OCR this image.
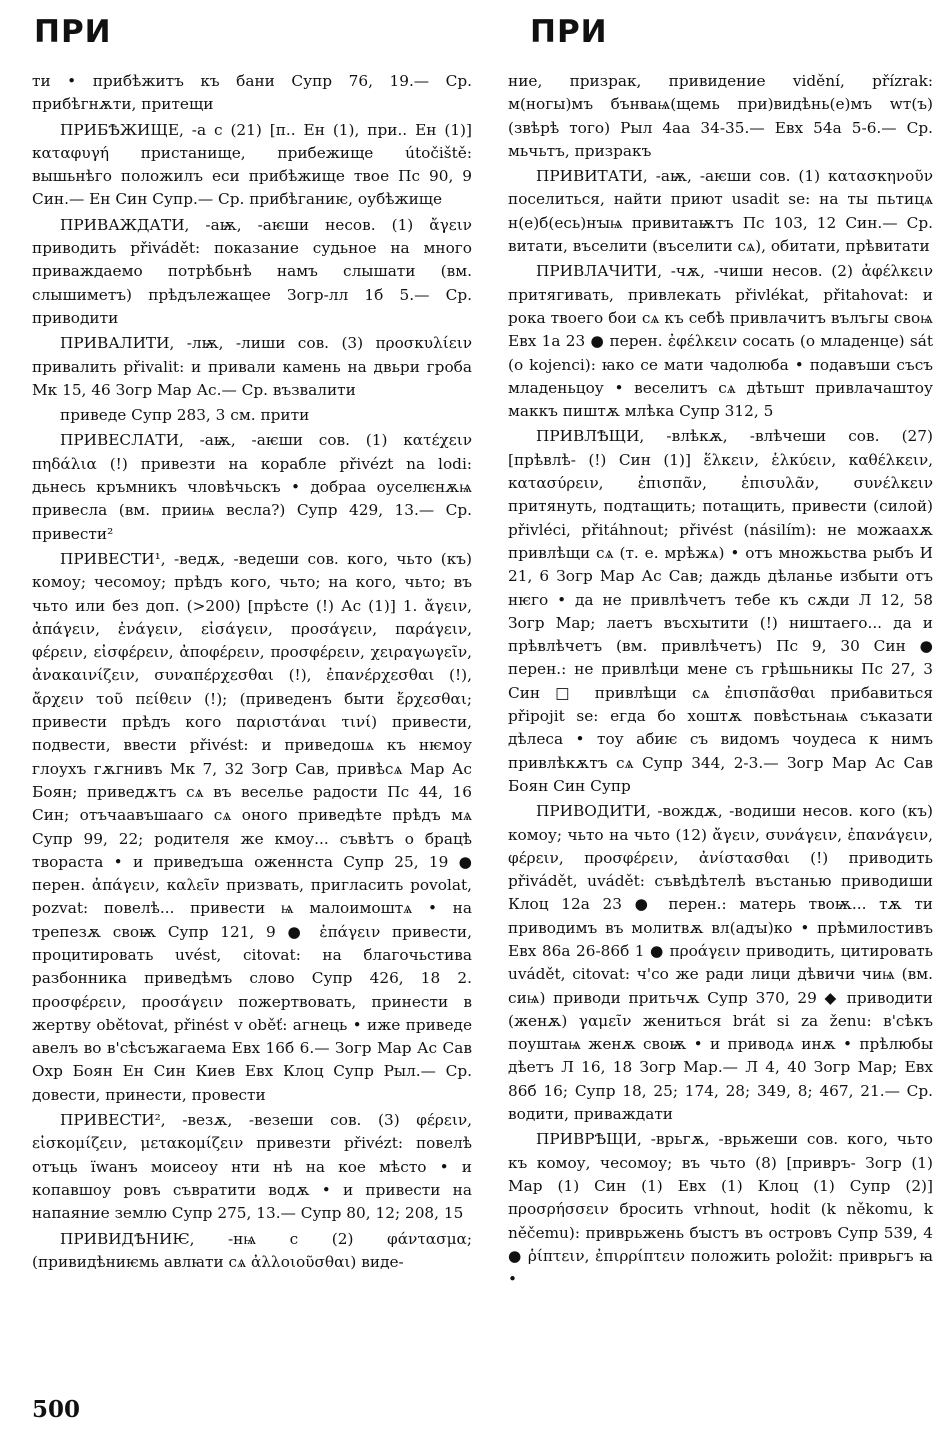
ПРИ	ПРИ

ти • прибѣжитъ къ бани Супр 76, 19.— Ср. прибѣгнѫти, притещи

ПРИБѢЖИЩЕ, -а с (21) [п.. Ен (1), при.. Ен (1)] καταφυγή пристанище, прибежище útočiště: вышьнѣго положилъ еси прибѣжище твое Пс 90, 9 Син.— Ен Син Супр.— Ср. прибѣганиѥ, оубѣжище

ПРИВАЖДАТИ, -аѭ, -аѥши несов. (1) ἄγειν приводить přivádět: показание судьное на многo приваждаемо потрѣбьнѣ намъ слышати (вм. слышиметъ) прѣдълежащее Зогр-лл 1б 5.— Ср. приводити

ПРИВАЛИТИ, -лѭ, -лиши сов. (3) προσκυλίειν привалить přivalit: и привали камень на двьри гроба Мк 15, 46 Зогр Мар Ас.— Ср. възвалити

приведе Супр 283, 3 см. прити

ПРИВЕСЛАТИ, -аѭ, -аѥши сов. (1) κατέχειν πηδάλια (!) привезти на корабле přivézt na lodi: дьнесь кръмникъ чловѣчьскъ • добраа оуселѥнѫѩ привесла (вм. прииѩ весла?) Супр 429, 13.— Ср. привести²

ПРИВЕСТИ¹, -ведѫ, -ведеши сов. кого, чьто (къ) комоу; чесомоу; прѣдъ кого, чьто; на кого, чьто; въ чьто или без доп. (>200) [прѣсте (!) Ас (1)] 1. ἄγειν, ἀπάγειν, ἐνάγειν, εἰσάγειν, προσάγειν, παράγειν, φέρειν, εἰσφέρειν, ἀποφέρειν, προσφέρειν, χειραγωγεῖν, ἀνακαινίζειν, συναπέρχεσθαι (!), ἐπανέρχεσθαι (!), ἄρχειν τοῦ πείθειν (!); (приведенъ быти ἔρχεσθαι; привести прѣдъ кого παριστάναι τινί) привести, подвести, ввести přivést: и приведошѧ къ нѥмоу глоухъ гѫгнивъ Мк 7, 32 Зогр Сав, привѣсѧ Мар Ас Боян; приведѫтъ сѧ въ веселье радости Пс 44, 16 Син; отъчаавъшааго сѧ оного приведѣте прѣдъ мѧ Супр 99, 22; родителя же кмоу... съвѣтъ о брацѣ твораста • и приведъша оженнста Супр 25, 19 ● перен. ἀπάγειν, καλεῖν призвать, пригласить povolat, pozvat: повелѣ... привести ѩ малоимоштѧ • на трепезѫ своѭ Супр 121, 9 ● ἐπάγειν привести, процитировать uvést, citovat: на благочьстива разбонника приведѣмъ слово Супр 426, 18 2. προσφέρειν, προσάγειν пожертвовать, принести в жертву obětovat, přinést v oběť: агнець • иже приведе авелъ во в'сѣсъжагаема Евх 16б 6.— Зогр Мар Ас Сав Охр Боян Ен Син Киев Евх Клоц Супр Рыл.— Ср. довести, принести, провести

ПРИВЕСТИ², -везѫ, -везеши сов. (3) φέρειν, εἰσκομίζειν, μετακομίζειν привезти přivézt: повелѣ отъць їwанъ моисеоу нти нѣ на кое мѣсто • и копавшоу ровъ съвратити водѫ • и привести на напаяние землю Супр 275, 13.— Супр 80, 12; 208, 15

ПРИВИДѢНИѤ, -нѩ с (2) φάντασμα; (привидѣниѥмь авлꙗти сѧ ἀλλοιοῦσθαι) виде-

ние, призрак, привидение vidění, přízrak: м(ногы)мъ бънваѩ(щемь при)видѣнь(е)мъ wт(ъ) (звѣрѣ того) Рыл 4аа 34-35.— Евх 54а 5-6.— Ср. мьчьтъ, призракъ

ПРИВИТАТИ, -аѭ, -аѥши сов. (1) κατασκηνοῦν поселиться, найти приют usadit se: на ты пьтицѧ н(е)б(есь)нꙑѩ привитаѭтъ Пс 103, 12 Син.— Ср. витати, въселити (въселити сѧ), обитати, прѣвитати

ПРИВЛАЧИТИ, -чѫ, -чиши несов. (2) ἀφέλκειν притягивать, привлекать přivlékat, přitahovat: и рока твоего бои сѧ къ себѣ привлачитъ вълъгы своѩ Евх 1а 23 ● перен. ἐφέλκειν сосать (о младенце) sát (o kojenci): ꙗко се мати чадолюба • подавъши съсъ младеньцоу • веселитъ сѧ дѣтьшт привлачаштоу маккъ пиштѫ млѣка Супр 312, 5

ПРИВЛѢЩИ, -влѣкѫ, -влѣчеши сов. (27) [прѣвлѣ- (!) Син (1)] ἕλκειν, ἑλκύειν, καθέλκειν, κατασύρειν, ἐπισπᾶν, ἐπισυλᾶν, συνέλκειν притянуть, подтащить; потащить, привести (силой) přivléci, přitáhnout; přivést (násilím): не можаахѫ привлѣщи сѧ (т. е. мрѣжѧ) • отъ множьства рыбъ И 21, 6 Зогр Мар Ас Сав; даждь дѣланье избыти отъ нѥго • да не привлѣчетъ тебе къ сѫди Л 12, 58 Зогр Мар; лаетъ въсхытити (!) ништаего... да и прѣвлѣчетъ (вм. привлѣчетъ) Пс 9, 30 Син ● перен.: не привлѣци мене съ грѣшьникы Пс 27, 3 Син □ привлѣщи сѧ ἐπισπᾶσθαι прибавиться připojit se: егда бо хоштѫ повѣстьнаѩ съказати дѣлеса • тоу абиѥ съ видомъ чоудеса к нимъ привлѣкѫтъ сѧ Супр 344, 2-3.— Зогр Мар Ас Сав Боян Син Супр

ПРИВОДИТИ, -вождѫ, -водиши несов. кого (къ) комоу; чьто на чьто (12) ἄγειν, συνάγειν, ἐπανάγειν, φέρειν, προσφέρειν, ἀνίστασθαι (!) приводить přivádět, uvádět: съвѣдѣтелѣ въстанью приводиши Клоц 12а 23 ● перен.: матерь твоѭ... тѫ ти приводимъ въ молитвѫ вл(адꙑ)ко • прѣмилостивъ Евх 86а 26-86б 1 ● προάγειν приводить, цитировать uvádět, citovat: ч'со же ради лици дѣвичи чиѩ (вм. сиѩ) приводи притьчѫ Супр 370, 29 ◆ приводити (женѫ) γαμεῖν жениться brát si za ženu: в'сѣкъ поуштаѩ женѫ своѭ • и приводѧ инѫ • прѣлюбы дѣетъ Л 16, 18 Зогр Мар.— Л 4, 40 Зогр Мар; Евх 86б 16; Супр 18, 25; 174, 28; 349, 8; 467, 21.— Ср. водити, приваждати

ПРИВРѢЩИ, -врьгѫ, -врьжеши сов. кого, чьто къ комоу, чесомоу; въ чьто (8) [привръ- Зогр (1) Мар (1) Син (1) Евх (1) Клоц (1) Супр (2)] προσρήσσειν бросить vrhnout, hodit (k někomu, k něčemu): приврьжень бꙑстъ въ островъ Супр 539, 4 ● ῥίπτειν, ἐπιρρίπτειν положить položit: приврьгъ ꙗ •

500
